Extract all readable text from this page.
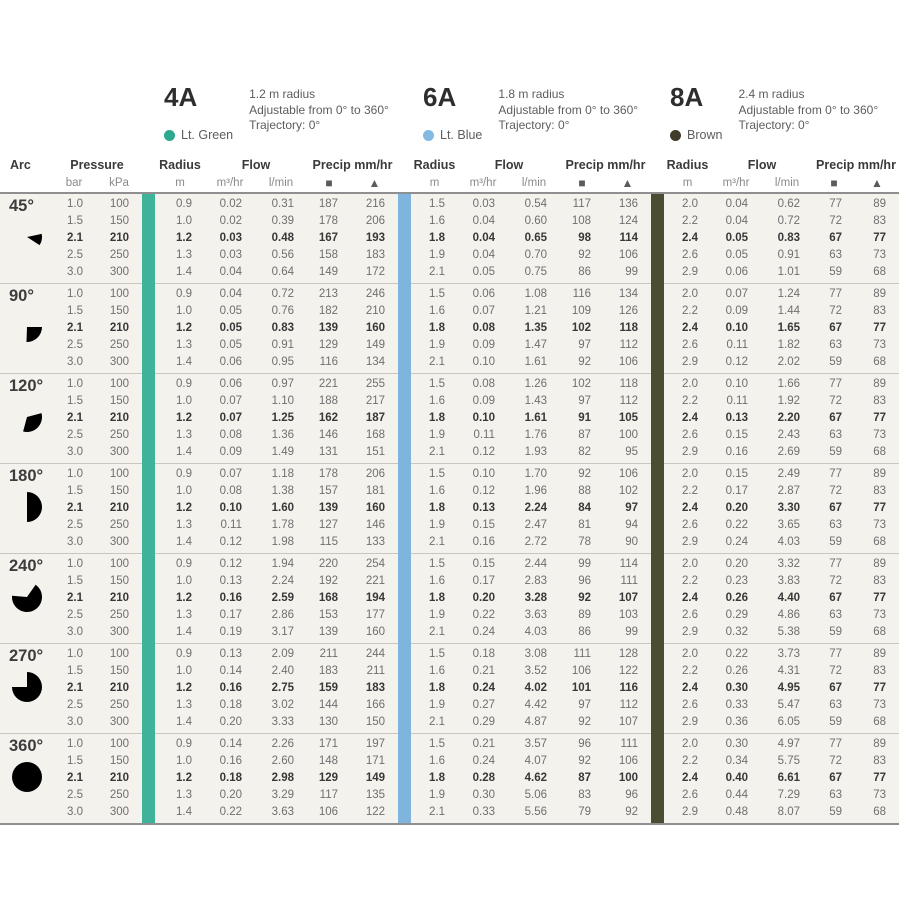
4A
Lt. Green
1.2 m radius
Adjustable from 0° to 360°
Trajectory: 0°
6A
Lt. Blue
1.8 m radius
Adjustable from 0° to 360°
Trajectory: 0°
8A
Brown
2.4 m radius
Adjustable from 0° to 360°
Trajectory: 0°
Arc	Pressure	Radius	Flow	Precip mm/hr	Radius	Flow	Precip mm/hr	Radius	Flow	Precip mm/hr
bar	kPa	m	m³/hr	l/min	■	▲	m	m³/hr	l/min	■	▲	m	m³/hr	l/min	■	▲
45°	1.0	100	0.9	0.02	0.31	187	216	1.5	0.03	0.54	117	136	2.0	0.04	0.62	77	89
1.5	150	1.0	0.02	0.39	178	206	1.6	0.04	0.60	108	124	2.2	0.04	0.72	72	83
2.1	210	1.2	0.03	0.48	167	193	1.8	0.04	0.65	98	114	2.4	0.05	0.83	67	77
2.5	250	1.3	0.03	0.56	158	183	1.9	0.04	0.70	92	106	2.6	0.05	0.91	63	73
3.0	300	1.4	0.04	0.64	149	172	2.1	0.05	0.75	86	99	2.9	0.06	1.01	59	68
90°	1.0	100	0.9	0.04	0.72	213	246	1.5	0.06	1.08	116	134	2.0	0.07	1.24	77	89
1.5	150	1.0	0.05	0.76	182	210	1.6	0.07	1.21	109	126	2.2	0.09	1.44	72	83
2.1	210	1.2	0.05	0.83	139	160	1.8	0.08	1.35	102	118	2.4	0.10	1.65	67	77
2.5	250	1.3	0.05	0.91	129	149	1.9	0.09	1.47	97	112	2.6	0.11	1.82	63	73
3.0	300	1.4	0.06	0.95	116	134	2.1	0.10	1.61	92	106	2.9	0.12	2.02	59	68
120°	1.0	100	0.9	0.06	0.97	221	255	1.5	0.08	1.26	102	118	2.0	0.10	1.66	77	89
1.5	150	1.0	0.07	1.10	188	217	1.6	0.09	1.43	97	112	2.2	0.11	1.92	72	83
2.1	210	1.2	0.07	1.25	162	187	1.8	0.10	1.61	91	105	2.4	0.13	2.20	67	77
2.5	250	1.3	0.08	1.36	146	168	1.9	0.11	1.76	87	100	2.6	0.15	2.43	63	73
3.0	300	1.4	0.09	1.49	131	151	2.1	0.12	1.93	82	95	2.9	0.16	2.69	59	68
180°	1.0	100	0.9	0.07	1.18	178	206	1.5	0.10	1.70	92	106	2.0	0.15	2.49	77	89
1.5	150	1.0	0.08	1.38	157	181	1.6	0.12	1.96	88	102	2.2	0.17	2.87	72	83
2.1	210	1.2	0.10	1.60	139	160	1.8	0.13	2.24	84	97	2.4	0.20	3.30	67	77
2.5	250	1.3	0.11	1.78	127	146	1.9	0.15	2.47	81	94	2.6	0.22	3.65	63	73
3.0	300	1.4	0.12	1.98	115	133	2.1	0.16	2.72	78	90	2.9	0.24	4.03	59	68
240°	1.0	100	0.9	0.12	1.94	220	254	1.5	0.15	2.44	99	114	2.0	0.20	3.32	77	89
1.5	150	1.0	0.13	2.24	192	221	1.6	0.17	2.83	96	111	2.2	0.23	3.83	72	83
2.1	210	1.2	0.16	2.59	168	194	1.8	0.20	3.28	92	107	2.4	0.26	4.40	67	77
2.5	250	1.3	0.17	2.86	153	177	1.9	0.22	3.63	89	103	2.6	0.29	4.86	63	73
3.0	300	1.4	0.19	3.17	139	160	2.1	0.24	4.03	86	99	2.9	0.32	5.38	59	68
270°	1.0	100	0.9	0.13	2.09	211	244	1.5	0.18	3.08	111	128	2.0	0.22	3.73	77	89
1.5	150	1.0	0.14	2.40	183	211	1.6	0.21	3.52	106	122	2.2	0.26	4.31	72	83
2.1	210	1.2	0.16	2.75	159	183	1.8	0.24	4.02	101	116	2.4	0.30	4.95	67	77
2.5	250	1.3	0.18	3.02	144	166	1.9	0.27	4.42	97	112	2.6	0.33	5.47	63	73
3.0	300	1.4	0.20	3.33	130	150	2.1	0.29	4.87	92	107	2.9	0.36	6.05	59	68
360°	1.0	100	0.9	0.14	2.26	171	197	1.5	0.21	3.57	96	111	2.0	0.30	4.97	77	89
1.5	150	1.0	0.16	2.60	148	171	1.6	0.24	4.07	92	106	2.2	0.34	5.75	72	83
2.1	210	1.2	0.18	2.98	129	149	1.8	0.28	4.62	87	100	2.4	0.40	6.61	67	77
2.5	250	1.3	0.20	3.29	117	135	1.9	0.30	5.06	83	96	2.6	0.44	7.29	63	73
3.0	300	1.4	0.22	3.63	106	122	2.1	0.33	5.56	79	92	2.9	0.48	8.07	59	68
